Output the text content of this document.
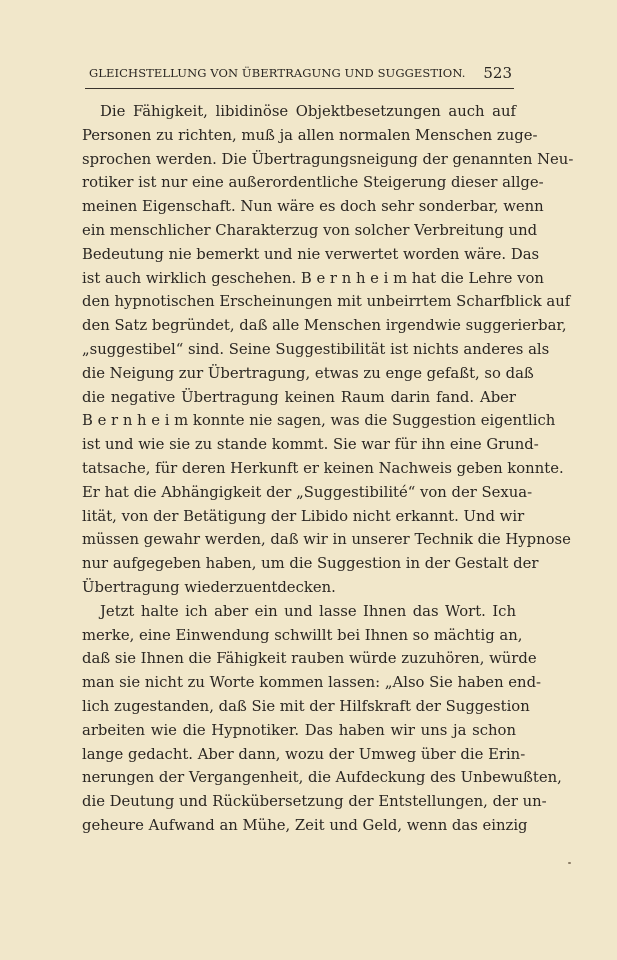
GLEICHSTELLUNG VON ÜBERTRAGUNG UND SUGGESTION. 523
Die Fähigkeit, libidinöse Objektbesetzungen auch auf
Personen zu richten, muß ja allen normalen Menschen zuge-
sprochen werden. Die Übertragungsneigung der genannten Neu-
rotiker ist nur eine außerordentliche Steigerung dieser allge-
meinen Eigenschaft. Nun wäre es doch sehr sonderbar, wenn
ein menschlicher Charakterzug von solcher Verbreitung und
Bedeutung nie bemerkt und nie verwertet worden wäre. Das
ist auch wirklich geschehen. B e r n h e i m hat die Lehre von
den hypnotischen Erscheinungen mit unbeirrtem Scharfblick auf
den Satz begründet, daß alle Menschen irgendwie suggerierbar,
„suggestibel“ sind. Seine Suggestibilität ist nichts anderes als
die Neigung zur Übertragung, etwas zu enge gefaßt, so daß
die negative Übertragung keinen Raum darin fand. Aber
B e r n h e i m konnte nie sagen, was die Suggestion eigentlich
ist und wie sie zu stande kommt. Sie war für ihn eine Grund-
tatsache, für deren Herkunft er keinen Nachweis geben konnte.
Er hat die Abhängigkeit der „Suggestibilité“ von der Sexua-
lität, von der Betätigung der Libido nicht erkannt. Und wir
müssen gewahr werden, daß wir in unserer Technik die Hypnose
nur aufgegeben haben, um die Suggestion in der Gestalt der
Übertragung wiederzuentdecken.
Jetzt halte ich aber ein und lasse Ihnen das Wort. Ich
merke, eine Einwendung schwillt bei Ihnen so mächtig an,
daß sie Ihnen die Fähigkeit rauben würde zuzuhören, würde
man sie nicht zu Worte kommen lassen: „Also Sie haben end-
lich zugestanden, daß Sie mit der Hilfskraft der Suggestion
arbeiten wie die Hypnotiker. Das haben wir uns ja schon
lange gedacht. Aber dann, wozu der Umweg über die Erin-
nerungen der Vergangenheit, die Aufdeckung des Unbewußten,
die Deutung und Rückübersetzung der Entstellungen, der un-
geheure Aufwand an Mühe, Zeit und Geld, wenn das einzig
